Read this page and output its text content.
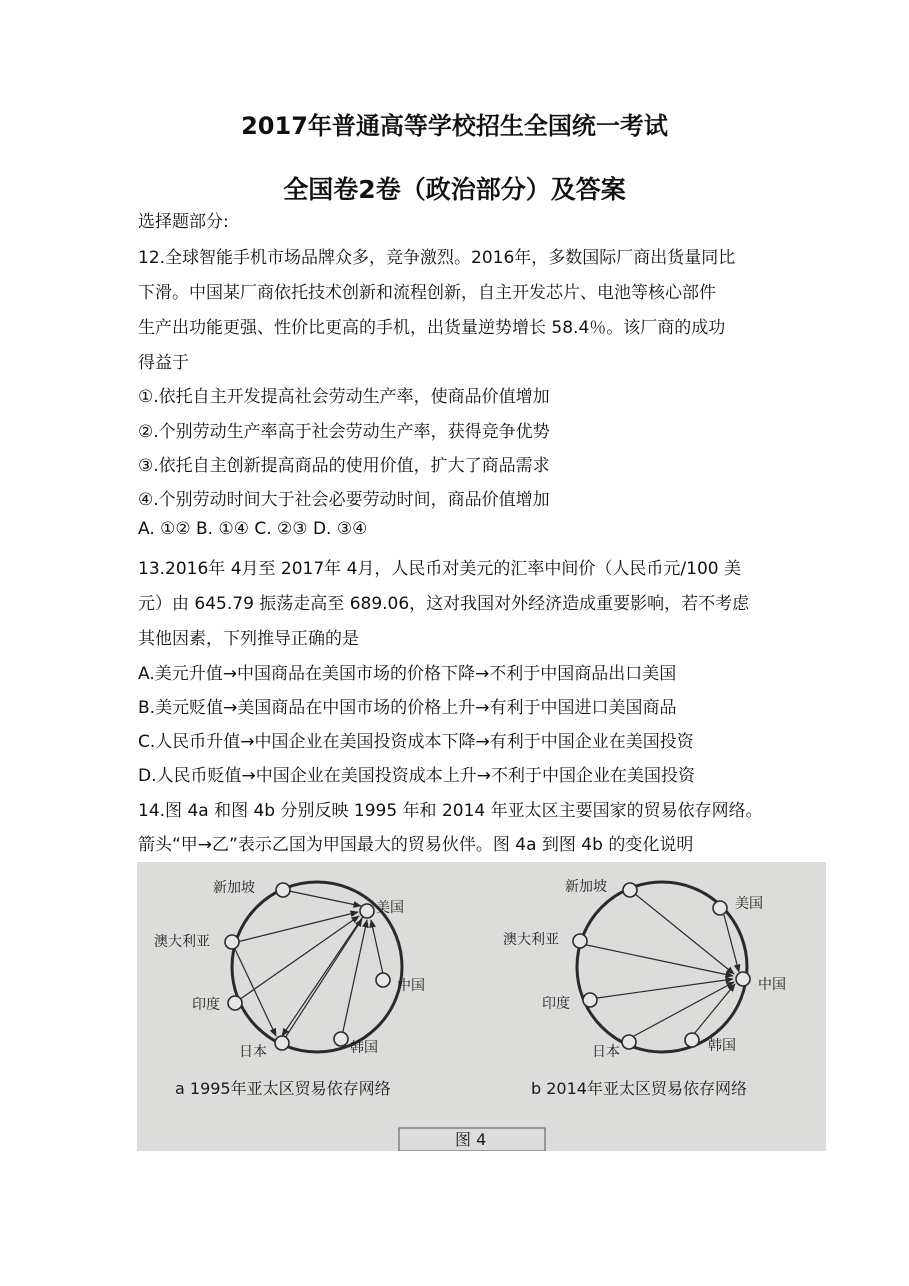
2017年普通高等学校招生全国统一考试
全国卷2卷（政治部分）及答案
选择题部分:
12.全球智能手机市场品牌众多，竞争激烈。2016年，多数国际厂商出货量同比
下滑。中国某厂商依托技术创新和流程创新，自主开发芯片、电池等核心部件
生产出功能更强、性价比更高的手机，出货量逆势增长 58.4％。该厂商的成功
得益于
①.依托自主开发提高社会劳动生产率，使商品价值增加
②.个别劳动生产率高于社会劳动生产率，获得竞争优势
③.依托自主创新提高商品的使用价值，扩大了商品需求
④.个别劳动时间大于社会必要劳动时间，商品价值增加
A. ①② B. ①④ C. ②③ D. ③④
13.2016年 4月至 2017年 4月，人民币对美元的汇率中间价（人民币元/100 美
元）由 645.79 振荡走高至 689.06，这对我国对外经济造成重要影响，若不考虑
其他因素，下列推导正确的是
A.美元升值→中国商品在美国市场的价格下降→不利于中国商品出口美国
B.美元贬值→美国商品在中国市场的价格上升→有利于中国进口美国商品
C.人民币升值→中国企业在美国投资成本下降→有利于中国企业在美国投资
D.人民币贬值→中国企业在美国投资成本上升→不利于中国企业在美国投资
14.图 4a 和图 4b 分别反映 1995 年和 2014 年亚太区主要国家的贸易依存网络。
箭头“甲→乙”表示乙国为甲国最大的贸易伙伴。图 4a 到图 4b 的变化说明
新加坡
美国
澳大利亚
中国
印度
日本	韩国
新加坡
美国
澳大利亚
中国
印度
日本	韩国
a 1995年亚太区贸易依存网络	b 2014年亚太区贸易依存网络
图 4
